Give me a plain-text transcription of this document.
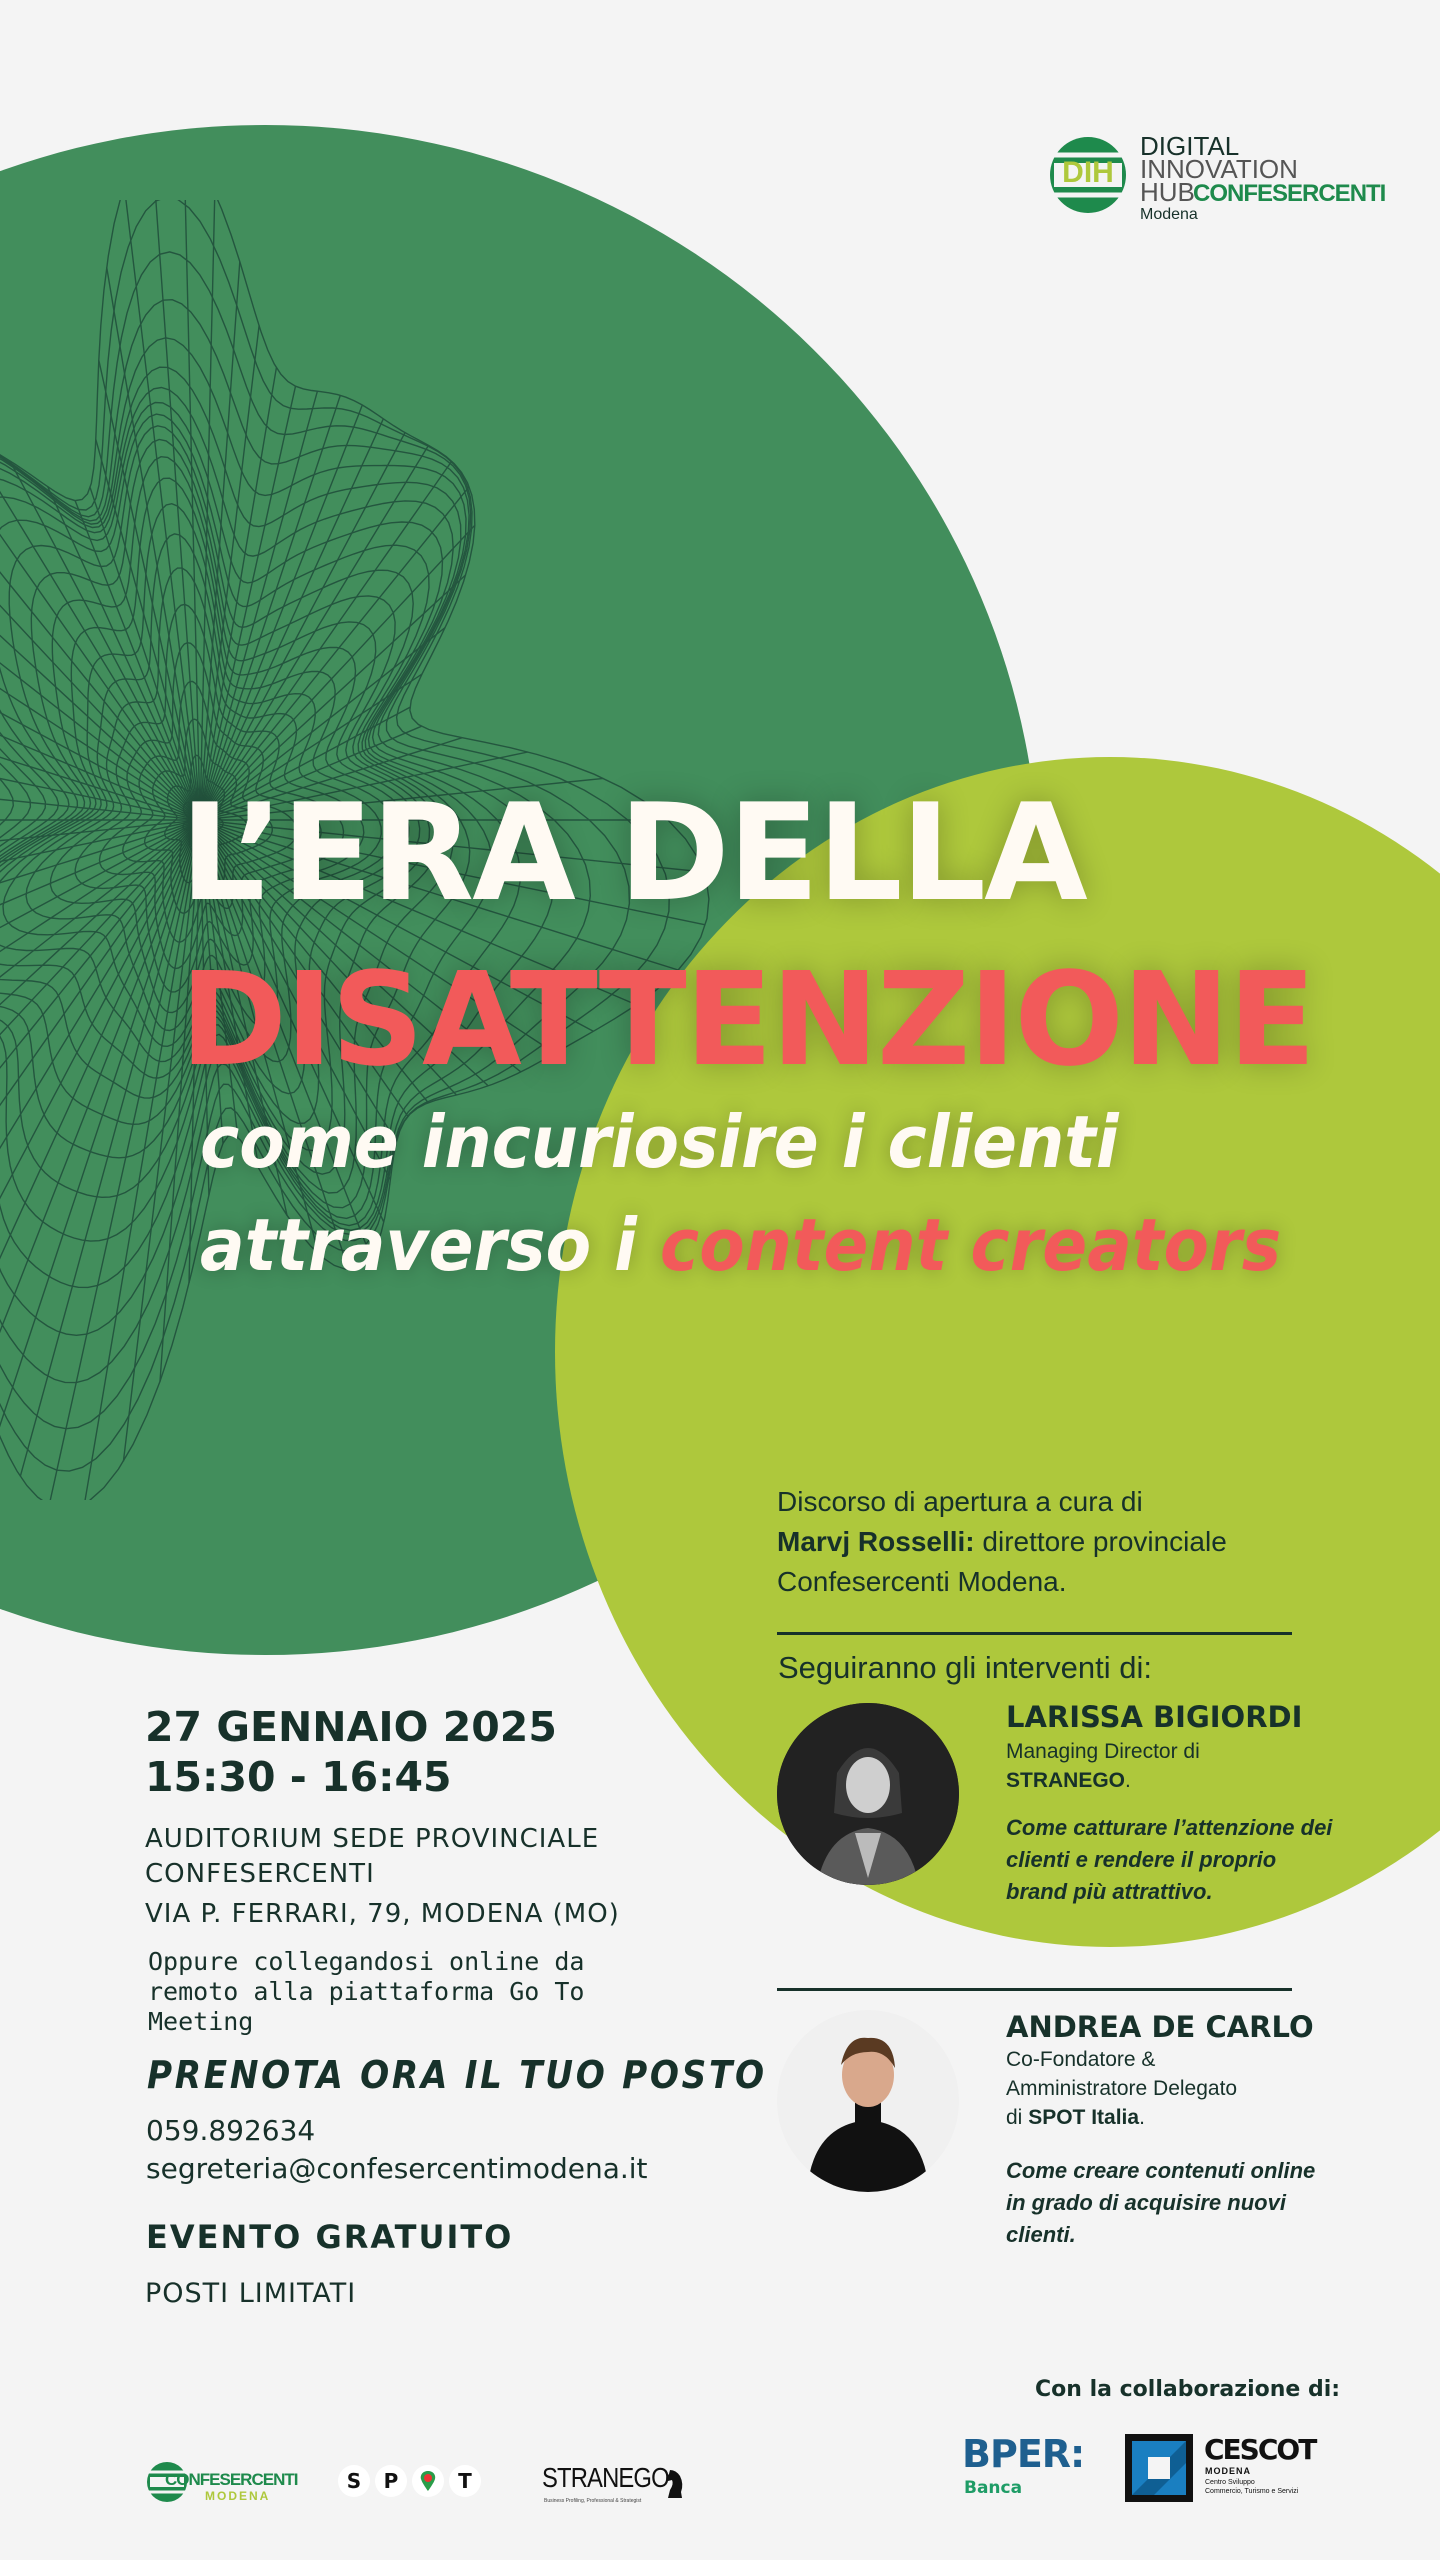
DIH
DIGITAL
INNOVATION
HUB
CONFESERCENTI
Modena
L’ERA DELLA
DISATTENZIONE
come incuriosire i clienti
attraverso i content creators
Discorso di apertura a cura di
Marvj Rosselli: direttore provinciale
Confesercenti Modena.
Seguiranno gli interventi di:
LARISSA BIGIORDI
Managing Director di
STRANEGO.
Come catturare l’attenzione dei clienti e rendere il proprio brand più attrattivo.
ANDREA DE CARLO
Co-Fondatore &
Amministratore Delegato
di SPOT Italia.
Come creare contenuti online in grado di acquisire nuovi clienti.
27 GENNAIO 2025
15:30 - 16:45
AUDITORIUM SEDE PROVINCIALE
CONFESERCENTI
VIA P. FERRARI, 79, MODENA (MO)
Oppure collegandosi online da remoto alla piattaforma Go To Meeting
PRENOTA ORA IL TUO POSTO
059.892634
segreteria@confesercentimodena.it
EVENTO GRATUITO
POSTI LIMITATI
Con la collaborazione di:
CONFESERCENTI
MODENA
S	P	T	STRANEGO
Business Profiling, Professional & Strategist
BPER:
Banca
CESCOT
MODENA
Centro Sviluppo
Commercio, Turismo e Servizi
